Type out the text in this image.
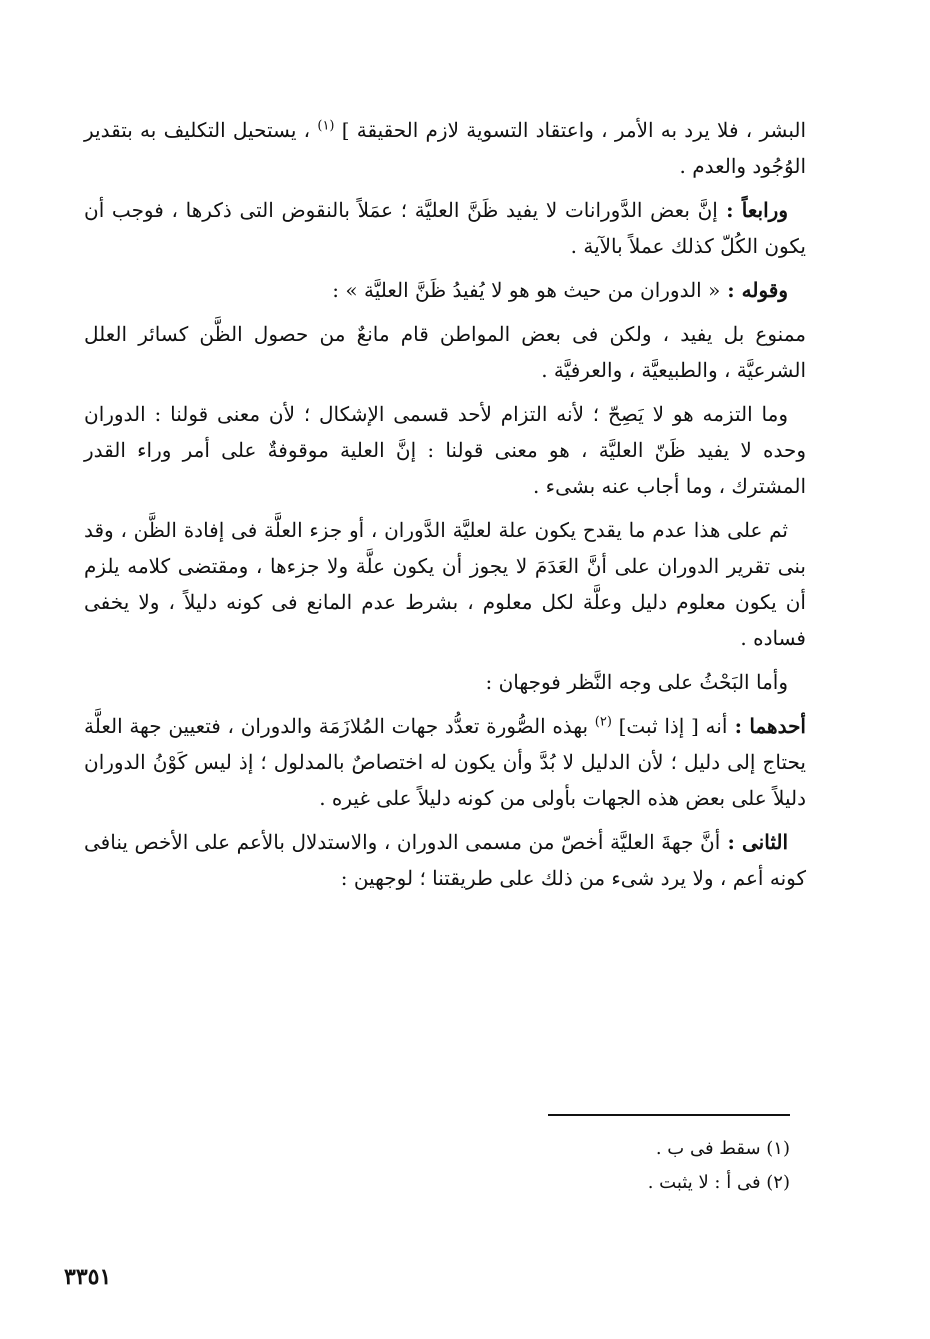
البشر ، فلا يرد به الأمر ، واعتقاد التسوية لازم الحقيقة ] $^{(١)}$ ، يستحيل التكليف به بتقدير الوُجُود والعدم .

ورابعاً : إنَّ بعض الدَّورانات لا يفيد ظَنَّ العليَّة ؛ عمَلاً بالنقوض التى ذكرها ، فوجب أن يكون الكُلّ كذلك عملاً بالآية .

وقوله : « الدوران من حيث هو هو لا يُفيدُ ظَنَّ العليَّة » :

ممنوع بل يفيد ، ولكن فى بعض المواطن قام مانعٌ من حصول الظَّن كسائر العلل الشرعيَّة ، والطبيعيَّة ، والعرفيَّة .

وما التزمه هو لا يَصِحّ ؛ لأنه التزام لأحد قسمى الإشكال ؛ لأن معنى قولنا : الدوران وحده لا يفيد ظَنّ العليَّة ، هو معنى قولنا : إنَّ العلية موقوفةٌ على أمر وراء القدر المشترك ، وما أجاب عنه بشىء .

ثم على هذا عدم ما يقدح يكون علة لعليَّة الدَّوران ، أو جزء العلَّة فى إفادة الظَّن ، وقد بنى تقرير الدوران على أنَّ العَدَمَ لا يجوز أن يكون علَّة ولا جزءها ، ومقتضى كلامه يلزم أن يكون معلوم دليل وعلَّة لكل معلوم ، بشرط عدم المانع فى كونه دليلاً ، ولا يخفى فساده .

وأما البَحْثُ على وجه النَّظر فوجهان :

أحدهما : أنه [ إذا ثبت] $^{(٢)}$ بهذه الصُّورة تعدُّد جهات المُلازَمَة والدوران ، فتعيين جهة العلَّة يحتاج إلى دليل ؛ لأن الدليل لا بُدَّ وأن يكون له اختصاصٌ بالمدلول ؛ إذ ليس كَوْنُ الدوران دليلاً على بعض هذه الجهات بأولى من كونه دليلاً على غيره .

الثانى : أنَّ جهةَ العليَّة أخصّ من مسمى الدوران ، والاستدلال بالأعم على الأخص ينافى كونه أعم ، ولا يرد شىء من ذلك على طريقتنا ؛ لوجهين :

(١) سقط فى ب .

(٢) فى أ : لا يثبت .

٣٣٥١
